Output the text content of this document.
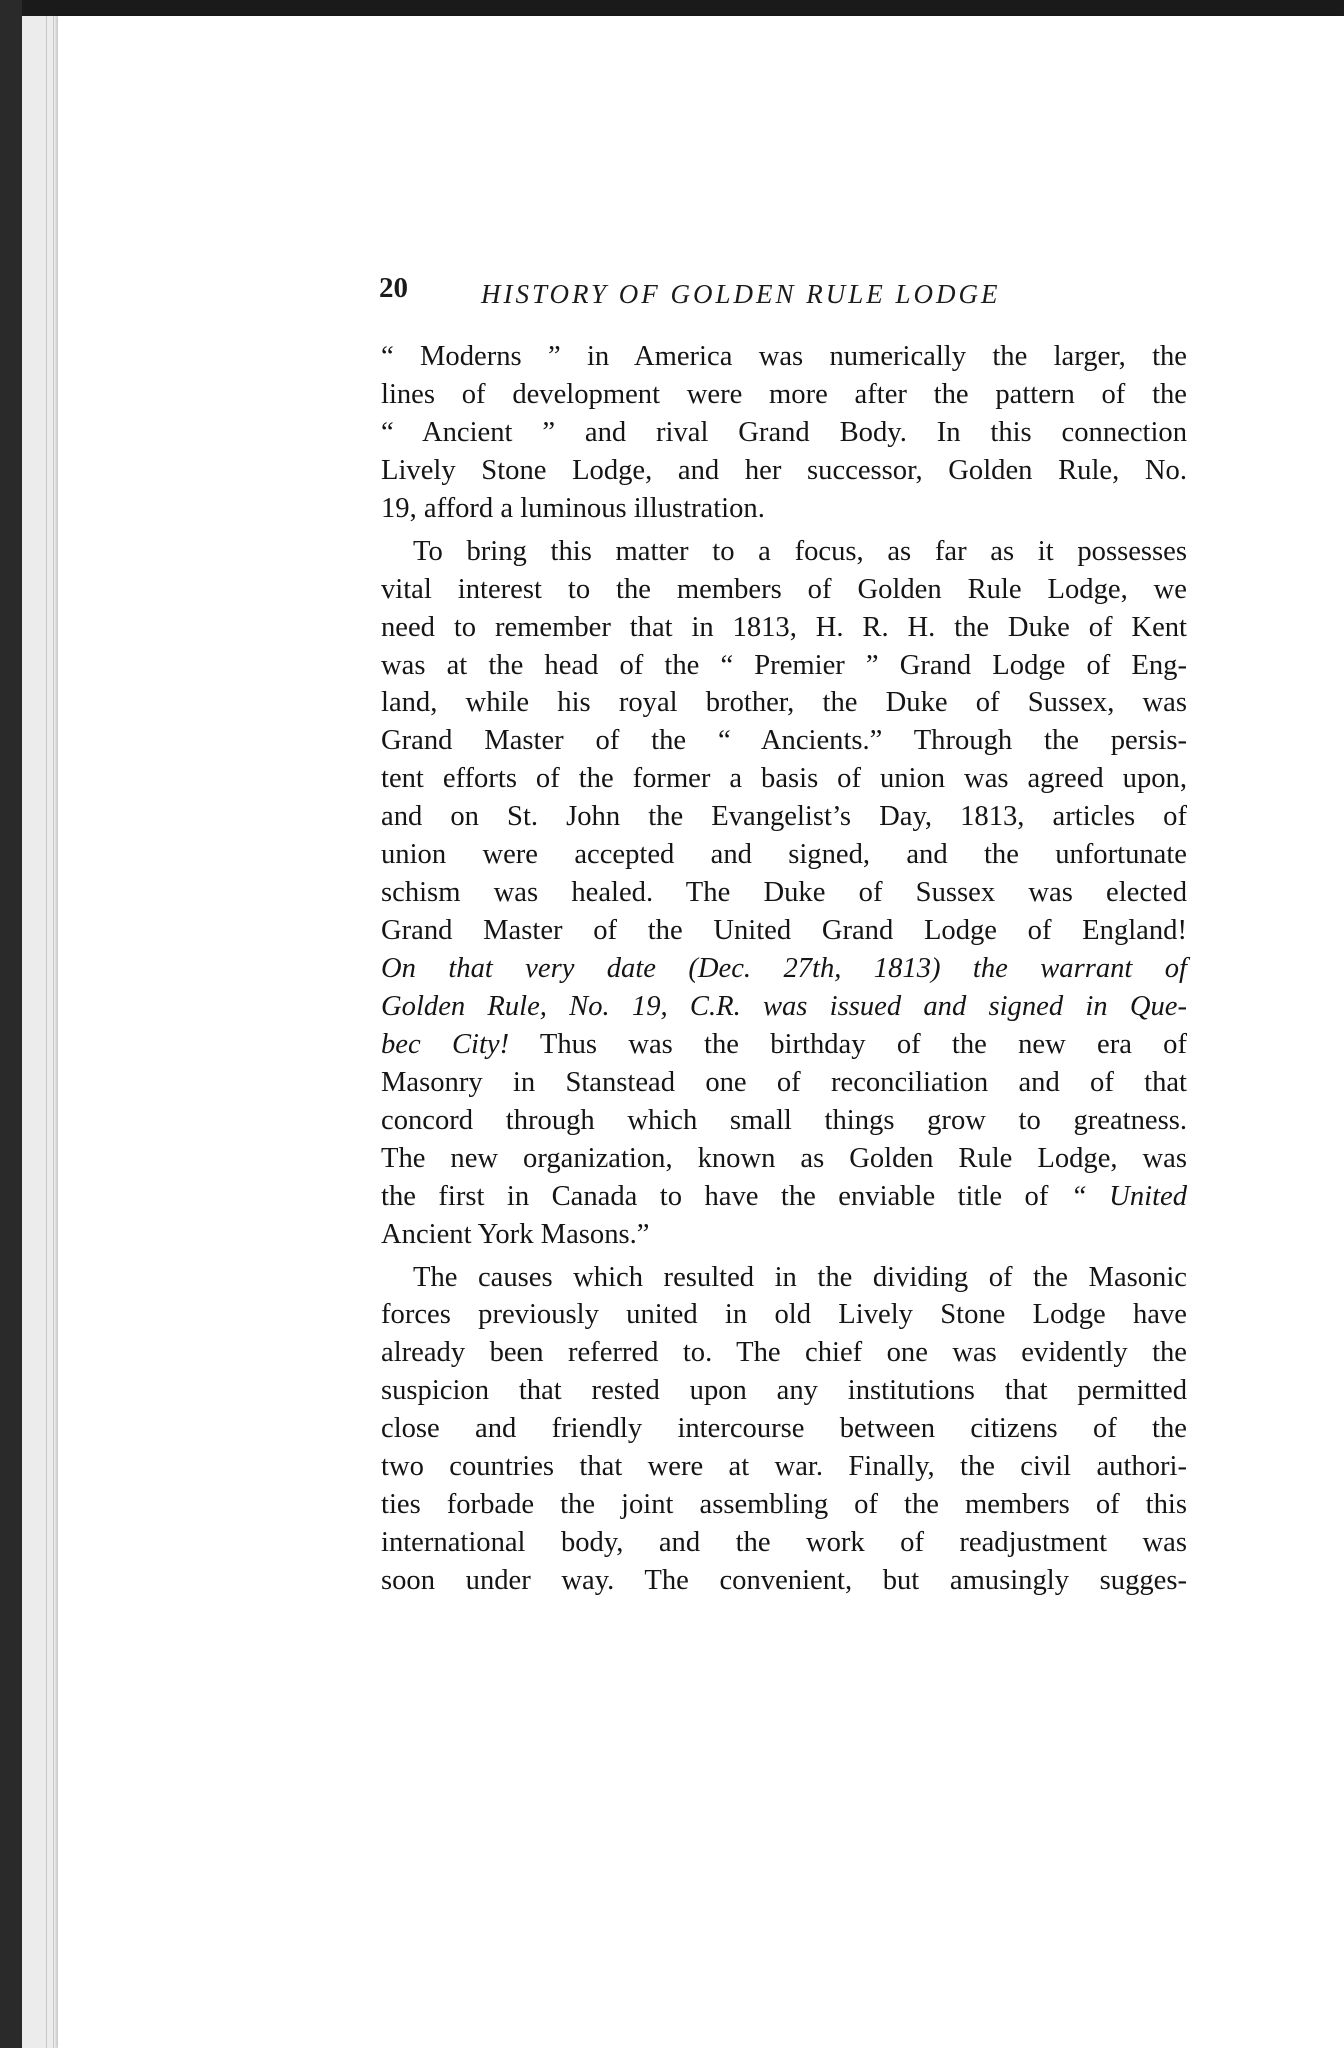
20	HISTORY OF GOLDEN RULE LODGE
“ Moderns ” in America was numerically the larger, the
lines of development were more after the pattern of the
“ Ancient ” and rival Grand Body. In this connection
Lively Stone Lodge, and her successor, Golden Rule, No.
19, afford a luminous illustration.
To bring this matter to a focus, as far as it possesses
vital interest to the members of Golden Rule Lodge, we
need to remember that in 1813, H. R. H. the Duke of Kent
was at the head of the “ Premier ” Grand Lodge of Eng-
land, while his royal brother, the Duke of Sussex, was
Grand Master of the “ Ancients.” Through the persis-
tent efforts of the former a basis of union was agreed upon,
and on St. John the Evangelist’s Day, 1813, articles of
union were accepted and signed, and the unfortunate
schism was healed. The Duke of Sussex was elected
Grand Master of the United Grand Lodge of England!
On that very date (Dec. 27th, 1813) the warrant of
Golden Rule, No. 19, C.R. was issued and signed in Que-
bec City! Thus was the birthday of the new era of
Masonry in Stanstead one of reconciliation and of that
concord through which small things grow to greatness.
The new organization, known as Golden Rule Lodge, was
the first in Canada to have the enviable title of “ United
Ancient York Masons.”
The causes which resulted in the dividing of the Masonic
forces previously united in old Lively Stone Lodge have
already been referred to. The chief one was evidently the
suspicion that rested upon any institutions that permitted
close and friendly intercourse between citizens of the
two countries that were at war. Finally, the civil authori-
ties forbade the joint assembling of the members of this
international body, and the work of readjustment was
soon under way. The convenient, but amusingly sugges-
